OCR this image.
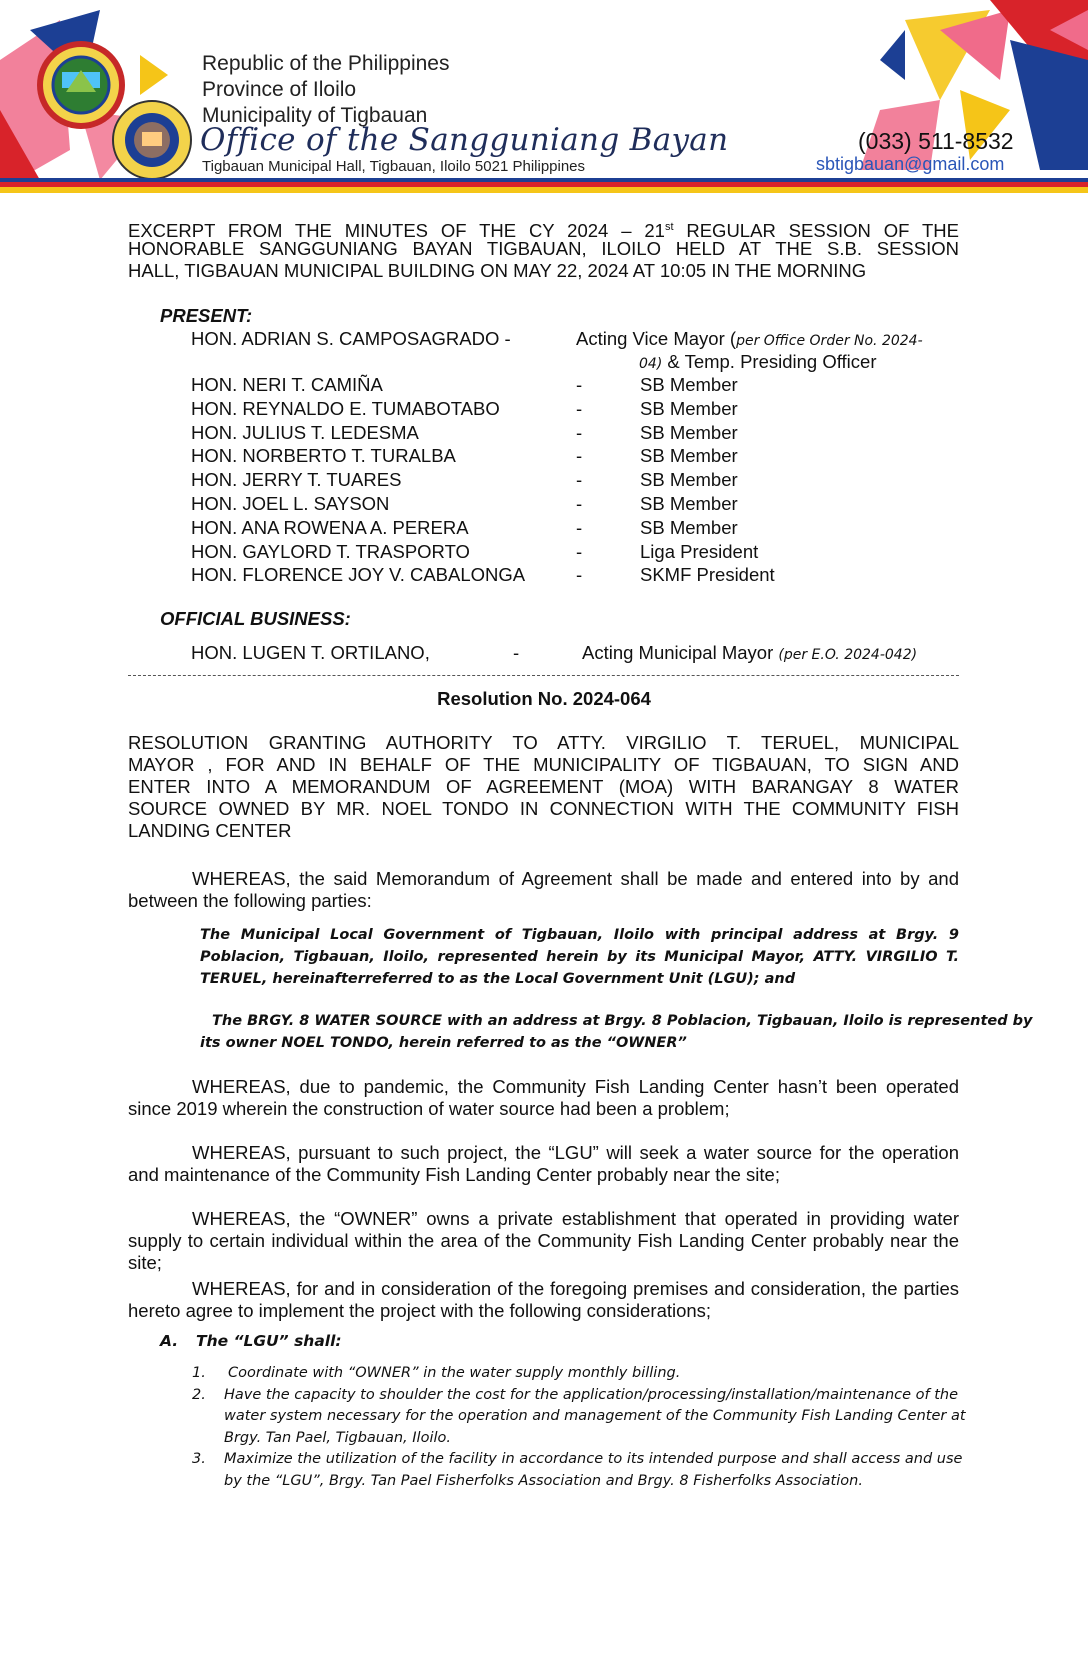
Republic of the Philippines
Province of Iloilo
Municipality of Tigbauan
Office of the Sangguniang Bayan
Tigbauan Municipal Hall, Tigbauan, Iloilo 5021 Philippines
(033) 511-8532
sbtigbauan@gmail.com
EXCERPT FROM THE MINUTES OF THE CY 2024 – 21st REGULAR SESSION OF THE
HONORABLE SANGGUNIANG BAYAN TIGBAUAN, ILOILO HELD AT THE S.B. SESSION
HALL, TIGBAUAN MUNICIPAL BUILDING ON MAY 22, 2024 AT 10:05 IN THE MORNING
PRESENT:
HON. ADRIAN S. CAMPOSAGRADO -	Acting Vice Mayor (per Office Order No. 2024-
04) & Temp. Presiding Officer
HON. NERI T. CAMIÑA	-	SB Member
HON. REYNALDO E. TUMABOTABO	-	SB Member
HON. JULIUS T. LEDESMA	-	SB Member
HON. NORBERTO T. TURALBA	-	SB Member
HON. JERRY T. TUARES	-	SB Member
HON. JOEL L. SAYSON	-	SB Member
HON. ANA ROWENA A. PERERA	-	SB Member
HON. GAYLORD T. TRASPORTO	-	Liga President
HON. FLORENCE JOY V. CABALONGA	-	SKMF President
OFFICIAL BUSINESS:
HON. LUGEN T. ORTILANO,	-	Acting Municipal Mayor (per E.O. 2024-042)
Resolution No. 2024-064
RESOLUTION GRANTING AUTHORITY TO ATTY. VIRGILIO T. TERUEL, MUNICIPAL
MAYOR , FOR AND IN BEHALF OF THE MUNICIPALITY OF TIGBAUAN, TO SIGN AND
ENTER INTO A MEMORANDUM OF AGREEMENT (MOA) WITH BARANGAY 8 WATER
SOURCE OWNED BY MR. NOEL TONDO IN CONNECTION WITH THE COMMUNITY FISH
LANDING CENTER
WHEREAS, the said Memorandum of Agreement shall be made and entered into by and between the following parties:
The Municipal Local Government of Tigbauan, Iloilo with principal address at Brgy. 9 Poblacion, Tigbauan, Iloilo, represented herein by its Municipal Mayor, ATTY. VIRGILIO T. TERUEL, hereinafterreferred to as the Local Government Unit (LGU); and
The BRGY. 8 WATER SOURCE with an address at Brgy. 8 Poblacion, Tigbauan, Iloilo is represented by
its owner NOEL TONDO, herein referred to as the “OWNER”
WHEREAS, due to pandemic, the Community Fish Landing Center hasn’t been operated since 2019 wherein the construction of water source had been a problem;
WHEREAS, pursuant to such project, the “LGU” will seek a water source for the operation and maintenance of the Community Fish Landing Center probably near the site;
WHEREAS, the “OWNER” owns a private establishment that operated in providing water supply to certain individual within the area of the Community Fish Landing Center probably near the site;
WHEREAS, for and in consideration of the foregoing premises and consideration, the parties hereto agree to implement the project with the following considerations;
A. The “LGU” shall:
1. Coordinate with “OWNER” in the water supply monthly billing.
2. Have the capacity to shoulder the cost for the application/processing/installation/maintenance of the
water system necessary for the operation and management of the Community Fish Landing Center at
Brgy. Tan Pael, Tigbauan, Iloilo.
3. Maximize the utilization of the facility in accordance to its intended purpose and shall access and use
by the “LGU”, Brgy. Tan Pael Fisherfolks Association and Brgy. 8 Fisherfolks Association.
